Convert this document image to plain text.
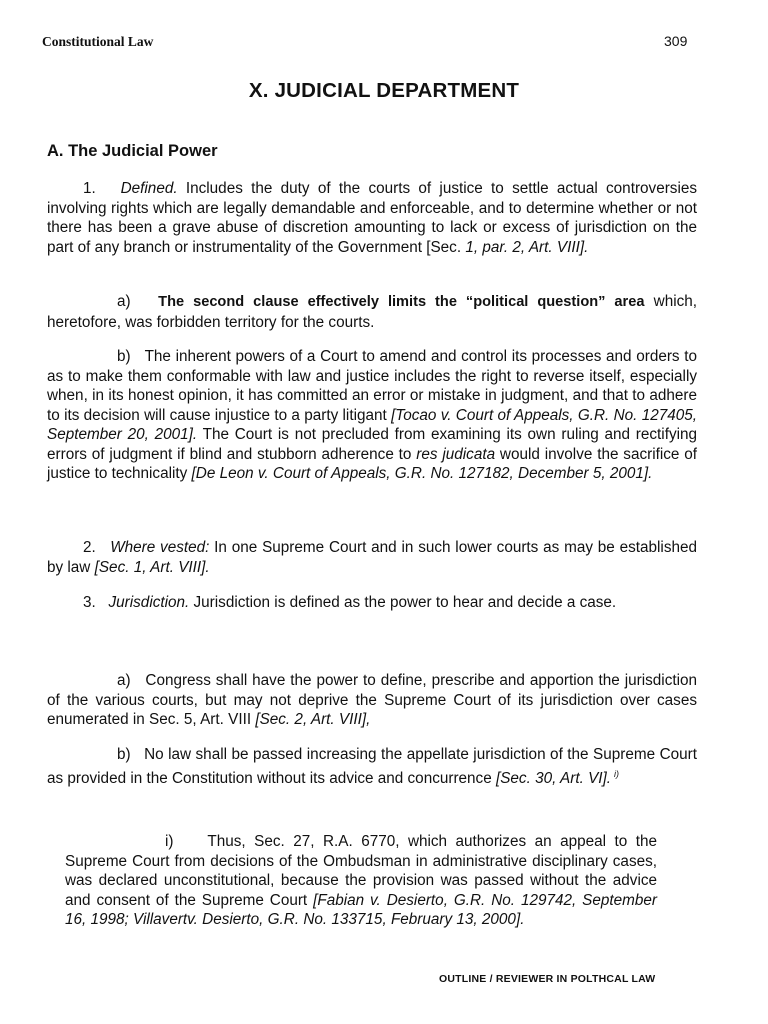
Constitutional Law	309
X. JUDICIAL DEPARTMENT
A. The Judicial Power
1. Defined. Includes the duty of the courts of justice to settle actual controversies involving rights which are legally demandable and enforceable, and to determine whether or not there has been a grave abuse of discretion amounting to lack or excess of jurisdiction on the part of any branch or instrumentality of the Government [Sec. 1, par. 2, Art. VIII].
a) The second clause effectively limits the “political question” area which, heretofore, was forbidden territory for the courts.
b) The inherent powers of a Court to amend and control its processes and orders to as to make them conformable with law and justice includes the right to reverse itself, especially when, in its honest opinion, it has committed an error or mistake in judgment, and that to adhere to its decision will cause injustice to a party litigant [Tocao v. Court of Appeals, G.R. No. 127405, September 20, 2001]. The Court is not precluded from examining its own ruling and rectifying errors of judgment if blind and stubborn adherence to res judicata would involve the sacrifice of justice to technicality [De Leon v. Court of Appeals, G.R. No. 127182, December 5, 2001].
2. Where vested: In one Supreme Court and in such lower courts as may be established by law [Sec. 1, Art. VIII].
3. Jurisdiction. Jurisdiction is defined as the power to hear and decide a case.
a) Congress shall have the power to define, prescribe and apportion the jurisdiction of the various courts, but may not deprive the Supreme Court of its jurisdiction over cases enumerated in Sec. 5, Art. VIII [Sec. 2, Art. VIII],
b) No law shall be passed increasing the appellate jurisdiction of the Supreme Court as provided in the Constitution without its advice and concurrence [Sec. 30, Art. VI]. $^{i)}$
i) Thus, Sec. 27, R.A. 6770, which authorizes an appeal to the Supreme Court from decisions of the Ombudsman in administrative disciplinary cases, was declared unconstitutional, because the provision was passed without the advice and consent of the Supreme Court [Fabian v. Desierto, G.R. No. 129742, September 16, 1998; Villavertv. Desierto, G.R. No. 133715, February 13, 2000].
OUTLINE / REVIEWER IN POLTHCAL LAW
